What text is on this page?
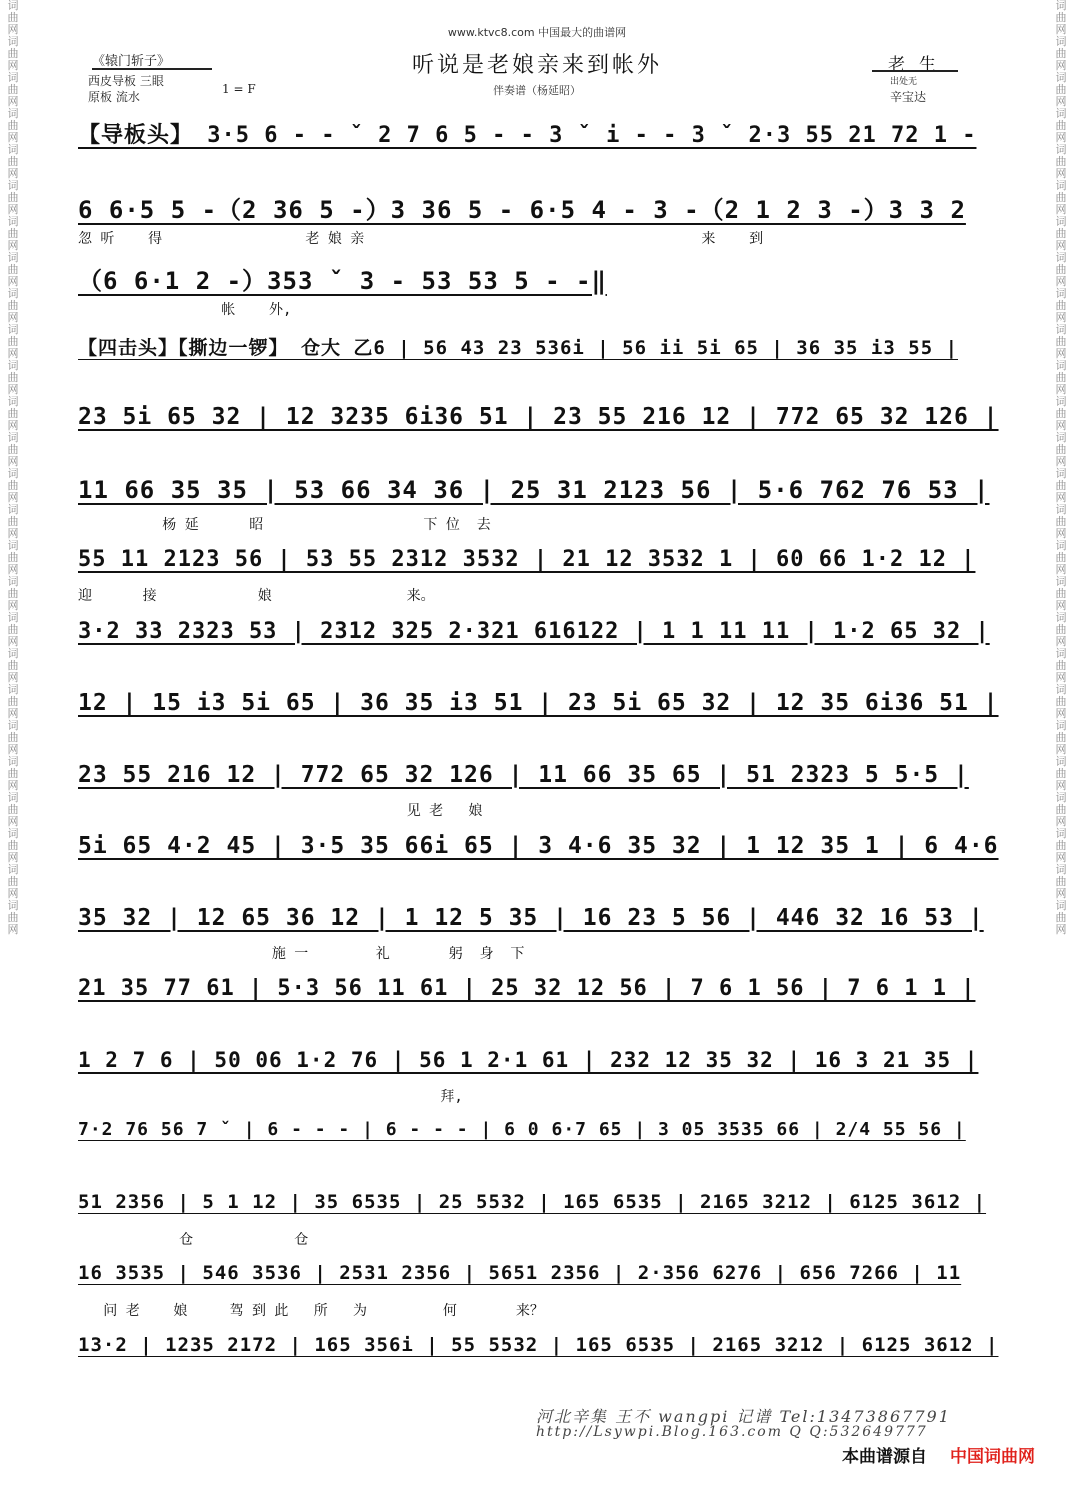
词
曲
网
词
曲
网
词
曲
网
词
曲
网
词
曲
网
词
曲
网
词
曲
网
词
曲
网
词
曲
网
词
曲
网
词
曲
网
词
曲
网
词
曲
网
词
曲
网
词
曲
网
词
曲
网
词
曲
网
词
曲
网
词
曲
网
词
曲
网
词
曲
网
词
曲
网
词
曲
网
词
曲
网
词
曲
网
词
曲
网
词
曲
网
词
曲
网
词
曲
网
词
曲
网
词
曲
网
词
曲
网
词
曲
网
词
曲
网
词
曲
网
词
曲
网
词
曲
网
词
曲
网
词
曲
网
词
曲
网
词
曲
网
词
曲
网
词
曲
网
词
曲
网
词
曲
网
词
曲
网
词
曲
网
词
曲
网
词
曲
网
词
曲
网
词
曲
网
词
曲
网
www.ktvc8.com 中国最大的曲谱网
听说是老娘亲来到帐外
伴奏谱（杨延昭）
《辕门斩子》
西皮导板 三眼
原板 流水
1 = F
老生
出处无
辛宝达
【导板头】 3·5 6 - - ˇ 2 7 6 5 - - 3 ˇ i - - 3 ˇ 2·3 55 21 72 1 -
6 6·5 5 -（2 36 5 -）3 36 5 - 6·5 4 - 3 -（2 1 2 3 -）3 3 2
忽 听    得                 老 娘 亲                                        来    到
（6 6·1 2 -）353 ˇ 3 - 53 53 5 - -‖
帐    外,
【四击头】【撕边一锣】 仓大 乙6 | 56 43 23 536i | 56 ii 5i 65 | 36 35 i3 55 |
23 5i 65 32 | 12 3235 6i36 51 | 23 55 216 12 | 772 65 32 126 |
11 66 35 35 | 53 66 34 36 | 25 31 2123 56 | 5·6 762 76 53 |
杨 延      昭                   下 位  去
55 11 2123 56 | 53 55 2312 3532 | 21 12 3532 1 | 60 66 1·2 12 |
迎      接            娘                来。
3·2 33 2323 53 | 2312 325 2·321 616122 | 1 1 11 11 | 1·2 65 32 |
12 | 15 i3 5i 65 | 36 35 i3 51 | 23 5i 65 32 | 12 35 6i36 51 |
23 55 216 12 | 772 65 32 126 | 11 66 35 65 | 51 2323 5 5·5 |
见 老   娘
5i 65 4·2 45 | 3·5 35 66i 65 | 3 4·6 35 32 | 1 12 35 1 | 6 4·6
35 32 | 12 65 36 12 | 1 12 5 35 | 16 23 5 56 | 446 32 16 53 |
施 一        礼       躬  身  下
21 35 77 61 | 5·3 56 11 61 | 25 32 12 56 | 7 6 1 56 | 7 6 1 1 |
1 2 7 6 | 50 06 1·2 76 | 56 1 2·1 61 | 232 12 35 32 | 16 3 21 35 |
拜,
7·2 76 56 7 ˇ | 6 - - - | 6 - - - | 6 0 6·7 65 | 3 05 3535 66 | 2/4 55 56 |
51 2356 | 5 1 12 | 35 6535 | 25 5532 | 165 6535 | 2165 3212 | 6125 3612 |
仓            仓
16 3535 | 546 3536 | 2531 2356 | 5651 2356 | 2·356 6276 | 656 7266 | 11
问 老    娘     驾 到 此   所   为         何       来？
13·2 | 1235 2172 | 165 356i | 55 5532 | 165 6535 | 2165 3212 | 6125 3612 |
河北辛集 王不 wangpi 记谱 Tel:13473867791
http://Lsywpi.Blog.163.com Q Q:532649777
本曲谱源自 中国词曲网
